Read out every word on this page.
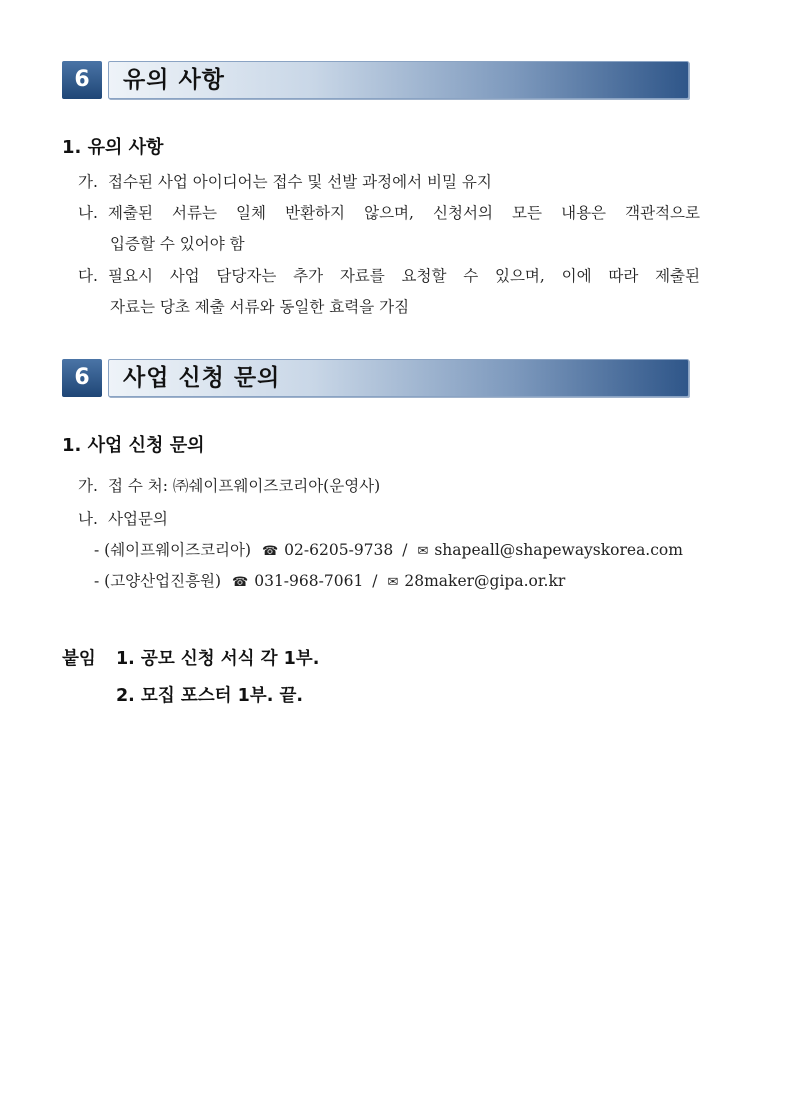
6	유의 사항
1. 유의 사항
가. 접수된 사업 아이디어는 접수 및 선발 과정에서 비밀 유지
나. 제출된 서류는 일체 반환하지 않으며, 신청서의 모든 내용은 객관적으로
입증할 수 있어야 함
다. 필요시 사업 담당자는 추가 자료를 요청할 수 있으며, 이에 따라 제출된
자료는 당초 제출 서류와 동일한 효력을 가짐
6	사업 신청 문의
1. 사업 신청 문의
가. 접 수 처: ㈜쉐이프웨이즈코리아(운영사)
나. 사업문의
- (쉐이프웨이즈코리아) ☎ 02-6205-9738 / ✉ shapeall@shapewayskorea.com
- (고양산업진흥원) ☎ 031-968-7061 / ✉ 28maker@gipa.or.kr
붙임 1. 공모 신청 서식 각 1부.
2. 모집 포스터 1부. 끝.
